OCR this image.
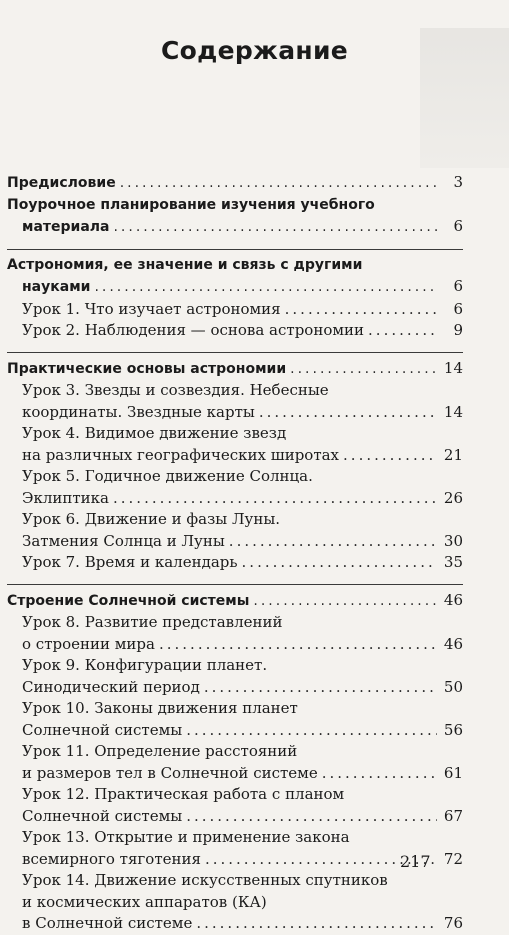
Содержание
Предисловие .....	3
Поурочное планирование изучения учебного
материала .....	6
Астрономия, ее значение и связь с другими
науками .....	6
Урок 1. Что изучает астрономия .....	6
Урок 2. Наблюдения — основа астрономии .....	9
Практические основы астрономии .....	14
Урок 3. Звезды и созвездия. Небесные
координаты. Звездные карты .....	14
Урок 4. Видимое движение звезд
на различных географических широтах .....	21
Урок 5. Годичное движение Солнца.
Эклиптика .....	26
Урок 6. Движение и фазы Луны.
Затмения Солнца и Луны .....	30
Урок 7. Время и календарь .....	35
Строение Солнечной системы .....	46
Урок 8. Развитие представлений
о строении мира .....	46
Урок 9. Конфигурации планет.
Синодический период .....	50
Урок 10. Законы движения планет
Солнечной системы .....	56
Урок 11. Определение расстояний
и размеров тел в Солнечной системе .....	61
Урок 12. Практическая работа с планом
Солнечной системы .....	67
Урок 13. Открытие и применение закона
всемирного тяготения .....	72
Урок 14. Движение искусственных спутников
и космических аппаратов (КА)
в Солнечной системе .....	76
217
